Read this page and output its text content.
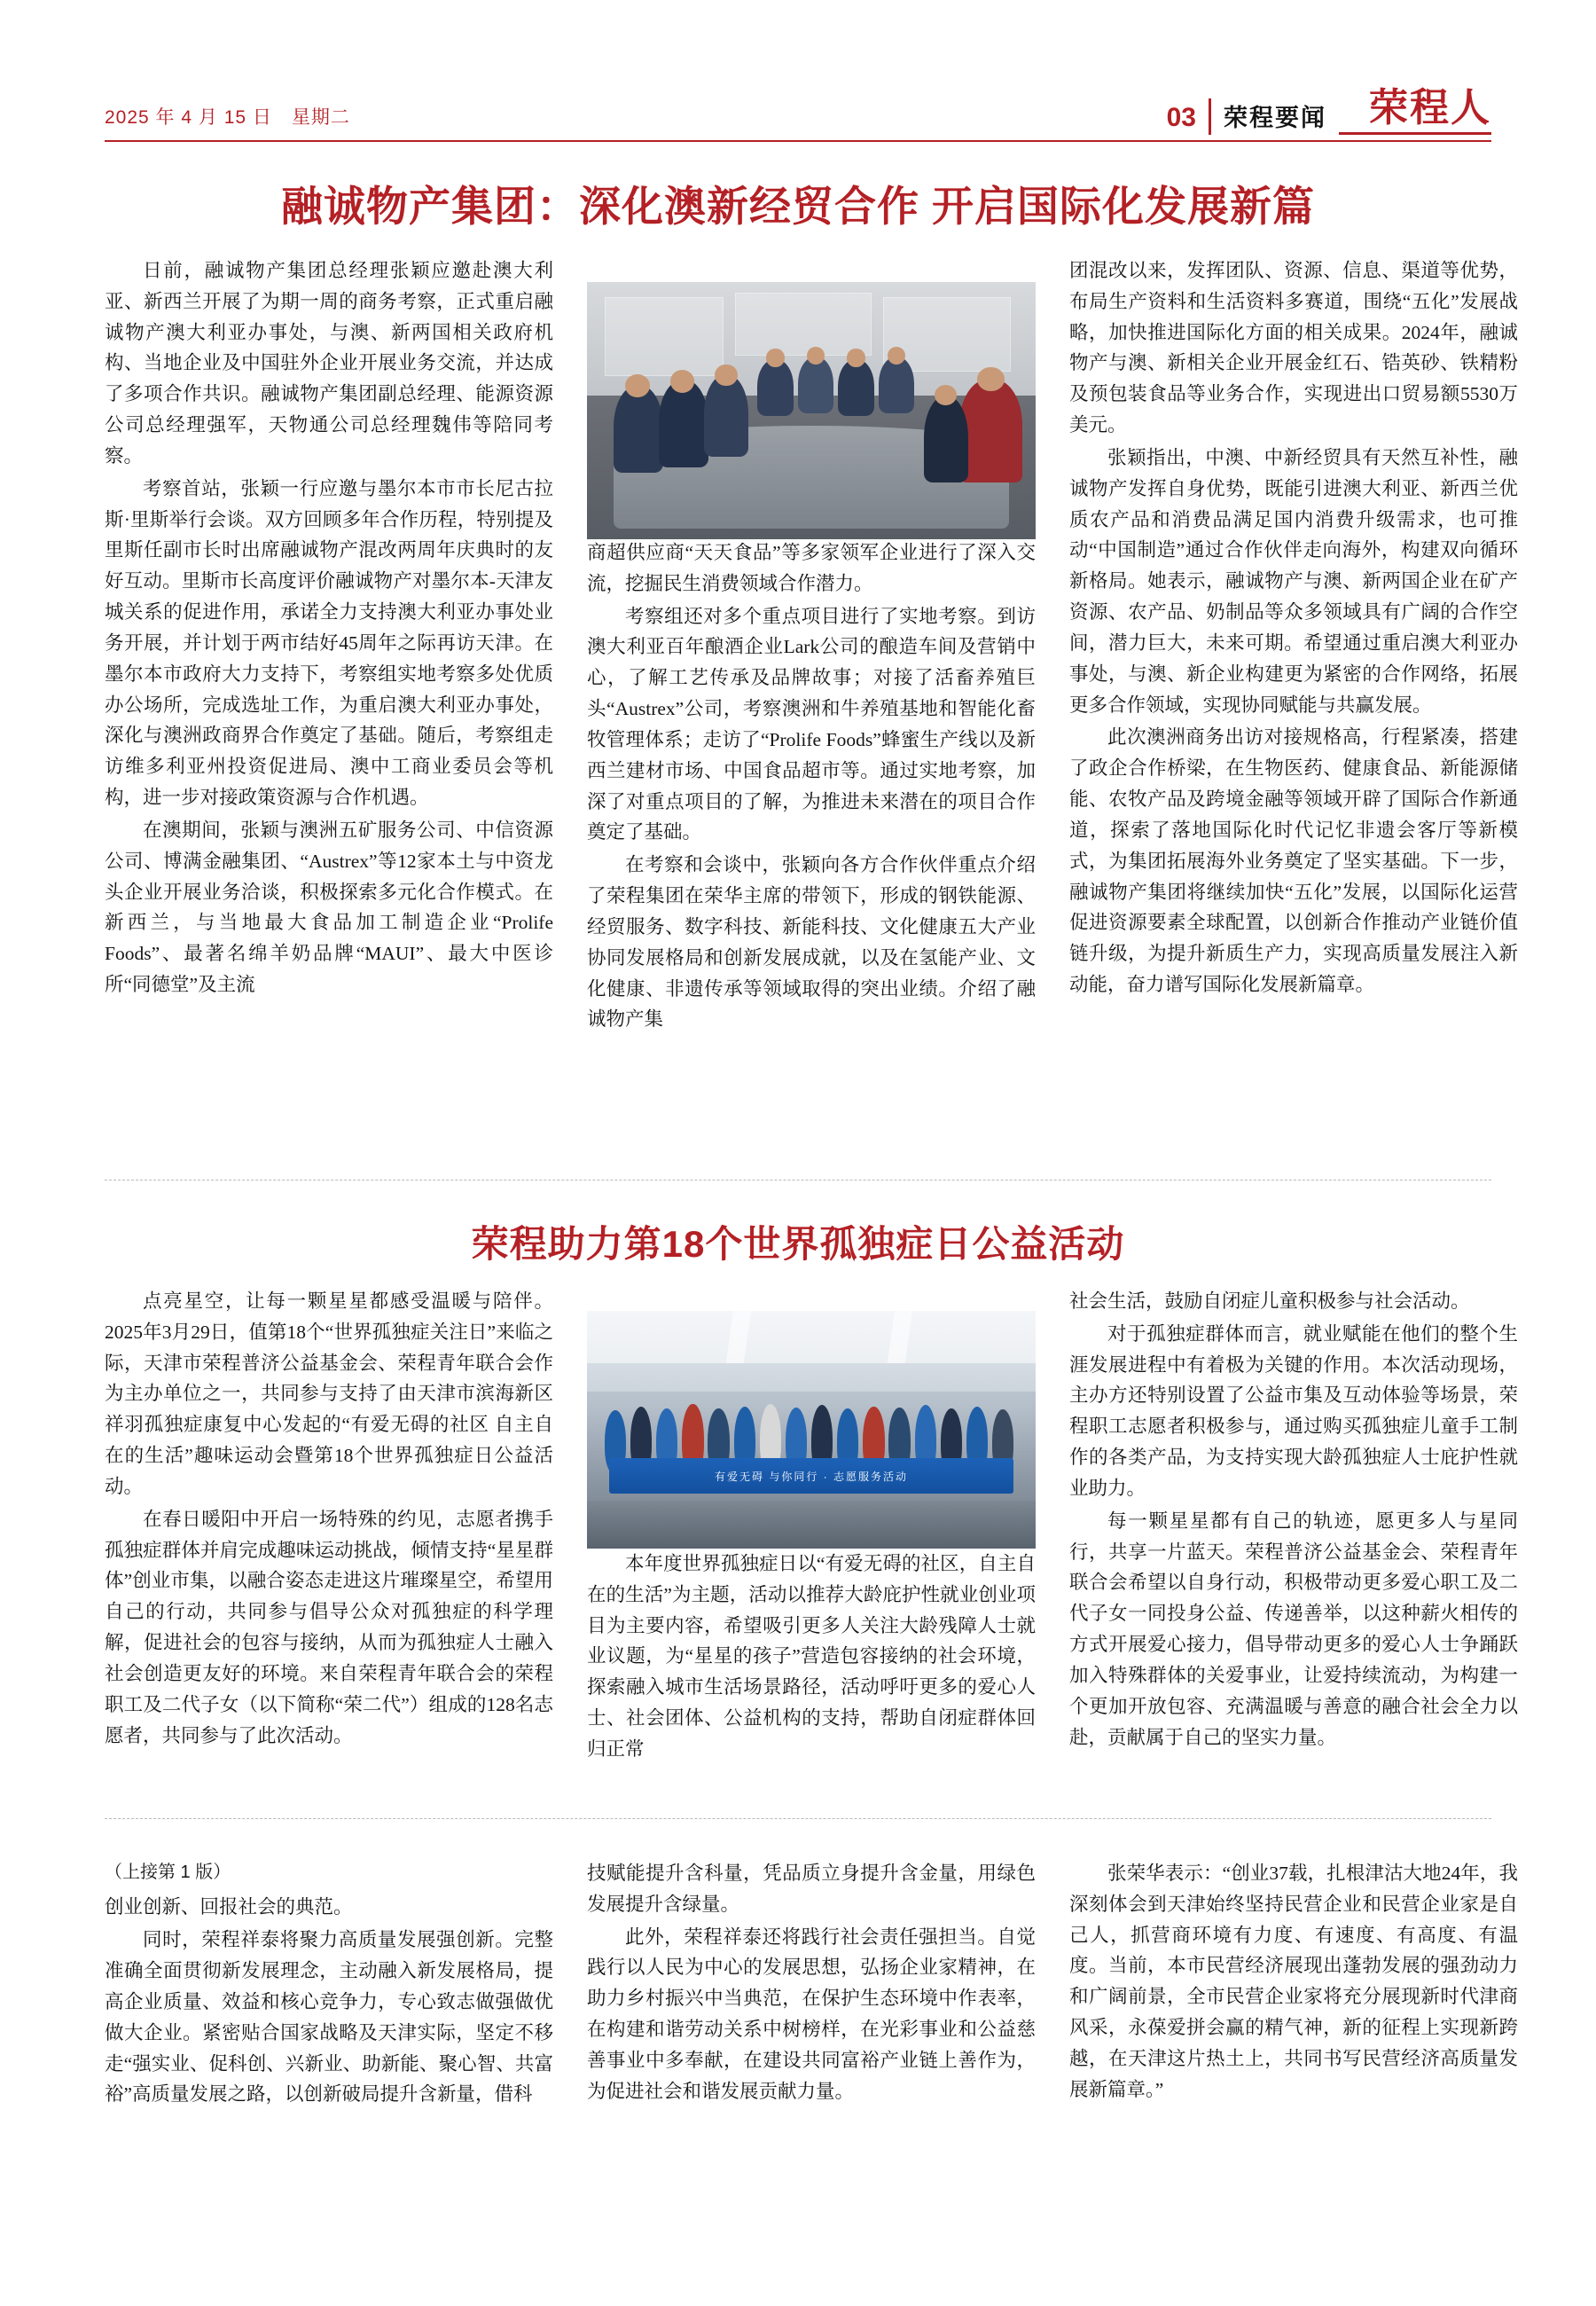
2025 年 4 月 15 日 星期二	03	荣程要闻 荣程人
融诚物产集团：深化澳新经贸合作 开启国际化发展新篇

日前，融诚物产集团总经理张颖应邀赴澳大利亚、新西兰开展了为期一周的商务考察，正式重启融诚物产澳大利亚办事处，与澳、新两国相关政府机构、当地企业及中国驻外企业开展业务交流，并达成了多项合作共识。融诚物产集团副总经理、能源资源公司总经理强军，天物通公司总经理魏伟等陪同考察。

考察首站，张颖一行应邀与墨尔本市市长尼古拉斯·里斯举行会谈。双方回顾多年合作历程，特别提及里斯任副市长时出席融诚物产混改两周年庆典时的友好互动。里斯市长高度评价融诚物产对墨尔本-天津友城关系的促进作用，承诺全力支持澳大利亚办事处业务开展，并计划于两市结好45周年之际再访天津。在墨尔本市政府大力支持下，考察组实地考察多处优质办公场所，完成选址工作，为重启澳大利亚办事处，深化与澳洲政商界合作奠定了基础。随后，考察组走访维多利亚州投资促进局、澳中工商业委员会等机构，进一步对接政策资源与合作机遇。

在澳期间，张颖与澳洲五矿服务公司、中信资源公司、博满金融集团、“Austrex”等12家本土与中资龙头企业开展业务洽谈，积极探索多元化合作模式。在新西兰，与当地最大食品加工制造企业“Prolife Foods”、最著名绵羊奶品牌“MAUI”、最大中医诊所“同德堂”及主流

商超供应商“天天食品”等多家领军企业进行了深入交流，挖掘民生消费领域合作潜力。

考察组还对多个重点项目进行了实地考察。到访澳大利亚百年酿酒企业Lark公司的酿造车间及营销中心，了解工艺传承及品牌故事；对接了活畜养殖巨头“Austrex”公司，考察澳洲和牛养殖基地和智能化畜牧管理体系；走访了“Prolife Foods”蜂蜜生产线以及新西兰建材市场、中国食品超市等。通过实地考察，加深了对重点项目的了解，为推进未来潜在的项目合作奠定了基础。

在考察和会谈中，张颖向各方合作伙伴重点介绍了荣程集团在荣华主席的带领下，形成的钢铁能源、经贸服务、数字科技、新能科技、文化健康五大产业协同发展格局和创新发展成就，以及在氢能产业、文化健康、非遗传承等领域取得的突出业绩。介绍了融诚物产集

团混改以来，发挥团队、资源、信息、渠道等优势，布局生产资料和生活资料多赛道，围绕“五化”发展战略，加快推进国际化方面的相关成果。2024年，融诚物产与澳、新相关企业开展金红石、锆英砂、铁精粉及预包装食品等业务合作，实现进出口贸易额5530万美元。

张颖指出，中澳、中新经贸具有天然互补性，融诚物产发挥自身优势，既能引进澳大利亚、新西兰优质农产品和消费品满足国内消费升级需求，也可推动“中国制造”通过合作伙伴走向海外，构建双向循环新格局。她表示，融诚物产与澳、新两国企业在矿产资源、农产品、奶制品等众多领域具有广阔的合作空间，潜力巨大，未来可期。希望通过重启澳大利亚办事处，与澳、新企业构建更为紧密的合作网络，拓展更多合作领域，实现协同赋能与共赢发展。

此次澳洲商务出访对接规格高，行程紧凑，搭建了政企合作桥梁，在生物医药、健康食品、新能源储能、农牧产品及跨境金融等领域开辟了国际合作新通道，探索了落地国际化时代记忆非遗会客厅等新模式，为集团拓展海外业务奠定了坚实基础。下一步，融诚物产集团将继续加快“五化”发展，以国际化运营促进资源要素全球配置，以创新合作推动产业链价值链升级，为提升新质生产力，实现高质量发展注入新动能，奋力谱写国际化发展新篇章。

荣程助力第18个世界孤独症日公益活动

点亮星空，让每一颗星星都感受温暖与陪伴。2025年3月29日，值第18个“世界孤独症关注日”来临之际，天津市荣程普济公益基金会、荣程青年联合会作为主办单位之一，共同参与支持了由天津市滨海新区祥羽孤独症康复中心发起的“有爱无碍的社区 自主自在的生活”趣味运动会暨第18个世界孤独症日公益活动。

在春日暖阳中开启一场特殊的约见，志愿者携手孤独症群体并肩完成趣味运动挑战，倾情支持“星星群体”创业市集，以融合姿态走进这片璀璨星空，希望用自己的行动，共同参与倡导公众对孤独症的科学理解，促进社会的包容与接纳，从而为孤独症人士融入社会创造更友好的环境。来自荣程青年联合会的荣程职工及二代子女（以下简称“荣二代”）组成的128名志愿者，共同参与了此次活动。

本年度世界孤独症日以“有爱无碍的社区，自主自在的生活”为主题，活动以推荐大龄庇护性就业创业项目为主要内容，希望吸引更多人关注大龄残障人士就业议题，为“星星的孩子”营造包容接纳的社会环境，探索融入城市生活场景路径，活动呼吁更多的爱心人士、社会团体、公益机构的支持，帮助自闭症群体回归正常

社会生活，鼓励自闭症儿童积极参与社会活动。

对于孤独症群体而言，就业赋能在他们的整个生涯发展进程中有着极为关键的作用。本次活动现场，主办方还特别设置了公益市集及互动体验等场景，荣程职工志愿者积极参与，通过购买孤独症儿童手工制作的各类产品，为支持实现大龄孤独症人士庇护性就业助力。

每一颗星星都有自己的轨迹，愿更多人与星同行，共享一片蓝天。荣程普济公益基金会、荣程青年联合会希望以自身行动，积极带动更多爱心职工及二代子女一同投身公益、传递善举，以这种薪火相传的方式开展爱心接力，倡导带动更多的爱心人士争踊跃加入特殊群体的关爱事业，让爱持续流动，为构建一个更加开放包容、充满温暖与善意的融合社会全力以赴，贡献属于自己的坚实力量。

有爱无碍 与你同行 · 志愿服务活动
（上接第 1 版）

创业创新、回报社会的典范。

同时，荣程祥泰将聚力高质量发展强创新。完整准确全面贯彻新发展理念，主动融入新发展格局，提高企业质量、效益和核心竞争力，专心致志做强做优做大企业。紧密贴合国家战略及天津实际，坚定不移走“强实业、促科创、兴新业、助新能、聚心智、共富裕”高质量发展之路，以创新破局提升含新量，借科

技赋能提升含科量，凭品质立身提升含金量，用绿色发展提升含绿量。

此外，荣程祥泰还将践行社会责任强担当。自觉践行以人民为中心的发展思想，弘扬企业家精神，在助力乡村振兴中当典范，在保护生态环境中作表率，在构建和谐劳动关系中树榜样，在光彩事业和公益慈善事业中多奉献，在建设共同富裕产业链上善作为，为促进社会和谐发展贡献力量。

张荣华表示：“创业37载，扎根津沽大地24年，我深刻体会到天津始终坚持民营企业和民营企业家是自己人，抓营商环境有力度、有速度、有高度、有温度。当前，本市民营经济展现出蓬勃发展的强劲动力和广阔前景，全市民营企业家将充分展现新时代津商风采，永葆爱拼会赢的精气神，新的征程上实现新跨越，在天津这片热土上，共同书写民营经济高质量发展新篇章。”
